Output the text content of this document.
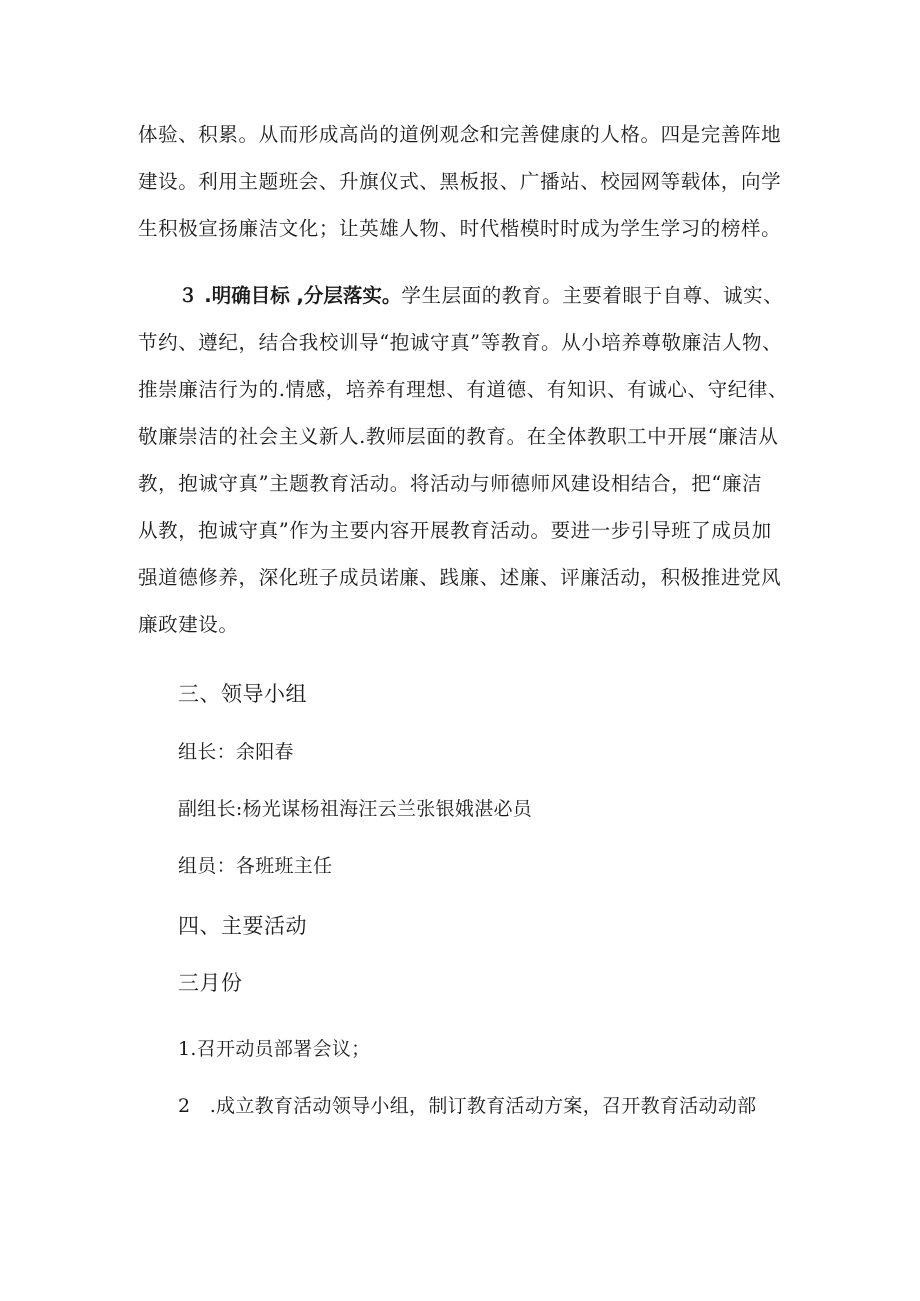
体验、积累。从而形成高尚的道例观念和完善健康的人格。四是完善阵地
建设。利用主题班会、升旗仪式、黑板报、广播站、校园网等载体，向学
生积极宣扬廉洁文化；让英雄人物、时代楷模时时成为学生学习的榜样。
３ .明确目标 ,分层落实。学生层面的教育。主要着眼于自尊、诚实、
节约、遵纪，结合我校训导“抱诚守真”等教育。从小培养尊敬廉洁人物、
推崇廉洁行为的.情感，培养有理想、有道德、有知识、有诚心、守纪律、
敬廉崇洁的社会主义新人.教师层面的教育。在全体教职工中开展“廉洁从
教，抱诚守真”主题教育活动。将活动与师德师风建设相结合，把“廉洁
从教，抱诚守真”作为主要内容开展教育活动。要进一步引导班了成员加
强道德修养，深化班子成员诺廉、践廉、述廉、评廉活动，积极推进党风
廉政建设。
三、领导小组
组长：余阳春
副组长:杨光谋杨祖海汪云兰张银娥湛必员
组员：各班班主任
四、主要活动
三月份
1.召开动员部署会议；
2　.成立教育活动领导小组，制订教育活动方案，召开教育活动动部
